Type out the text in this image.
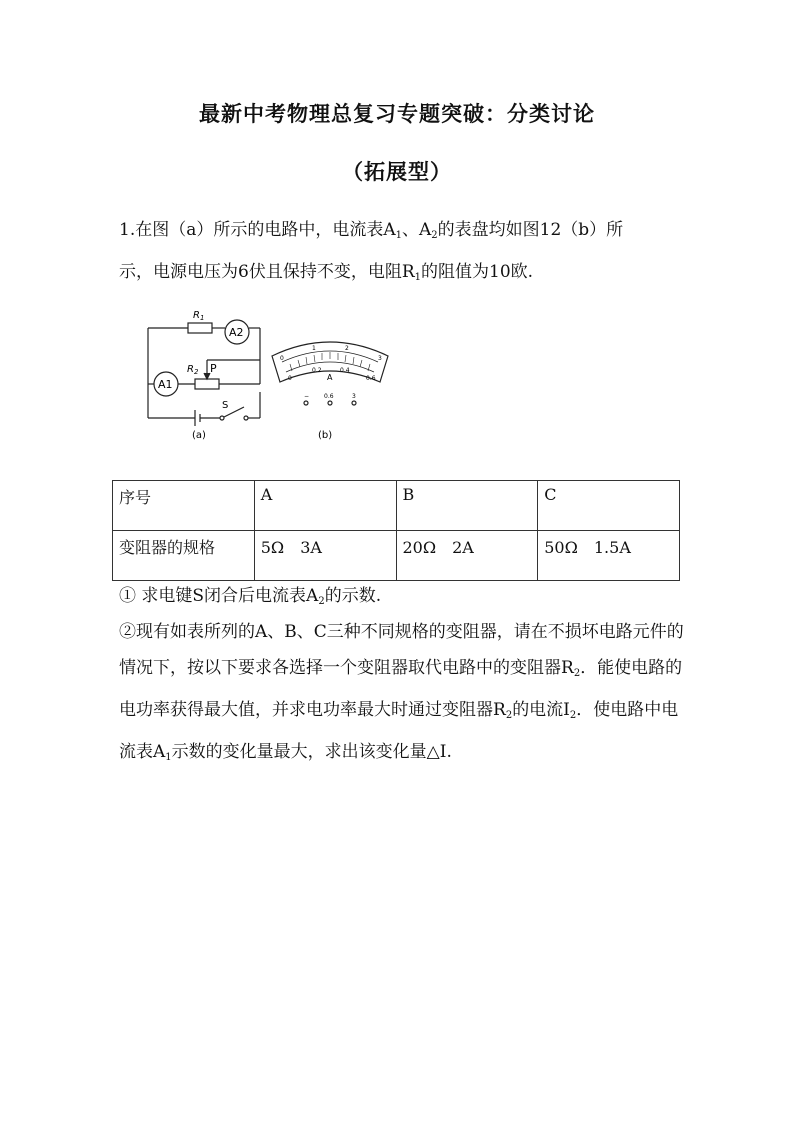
最新中考物理总复习专题突破：分类讨论
（拓展型）
1.在图（a）所示的电路中，电流表$A_1$、$A_2$的表盘均如图12（b）所
示，电源电压为6伏且保持不变，电阻$R_1$的阻值为10欧.
$R_1$
A2
$R_2$ P
A1
S
(a)
0
1	2
3
0
0.2	0.4
0.6
A
− 0.6	3
(b)
序号	A	B	C
变阻器的规格	5Ω　3A	20Ω　2A	50Ω　1.5A
① 求电键S闭合后电流表$A_2$的示数.
②现有如表所列的A、B、C三种不同规格的变阻器，请在不损坏电路元件的情况下，按以下要求各选择一个变阻器取代电路中的变阻器$R_2$．能使电路的电功率获得最大值，并求电功率最大时通过变阻器$R_2$的电流$I_2$．使电路中电流表$A_1$示数的变化量最大，求出该变化量△I.
